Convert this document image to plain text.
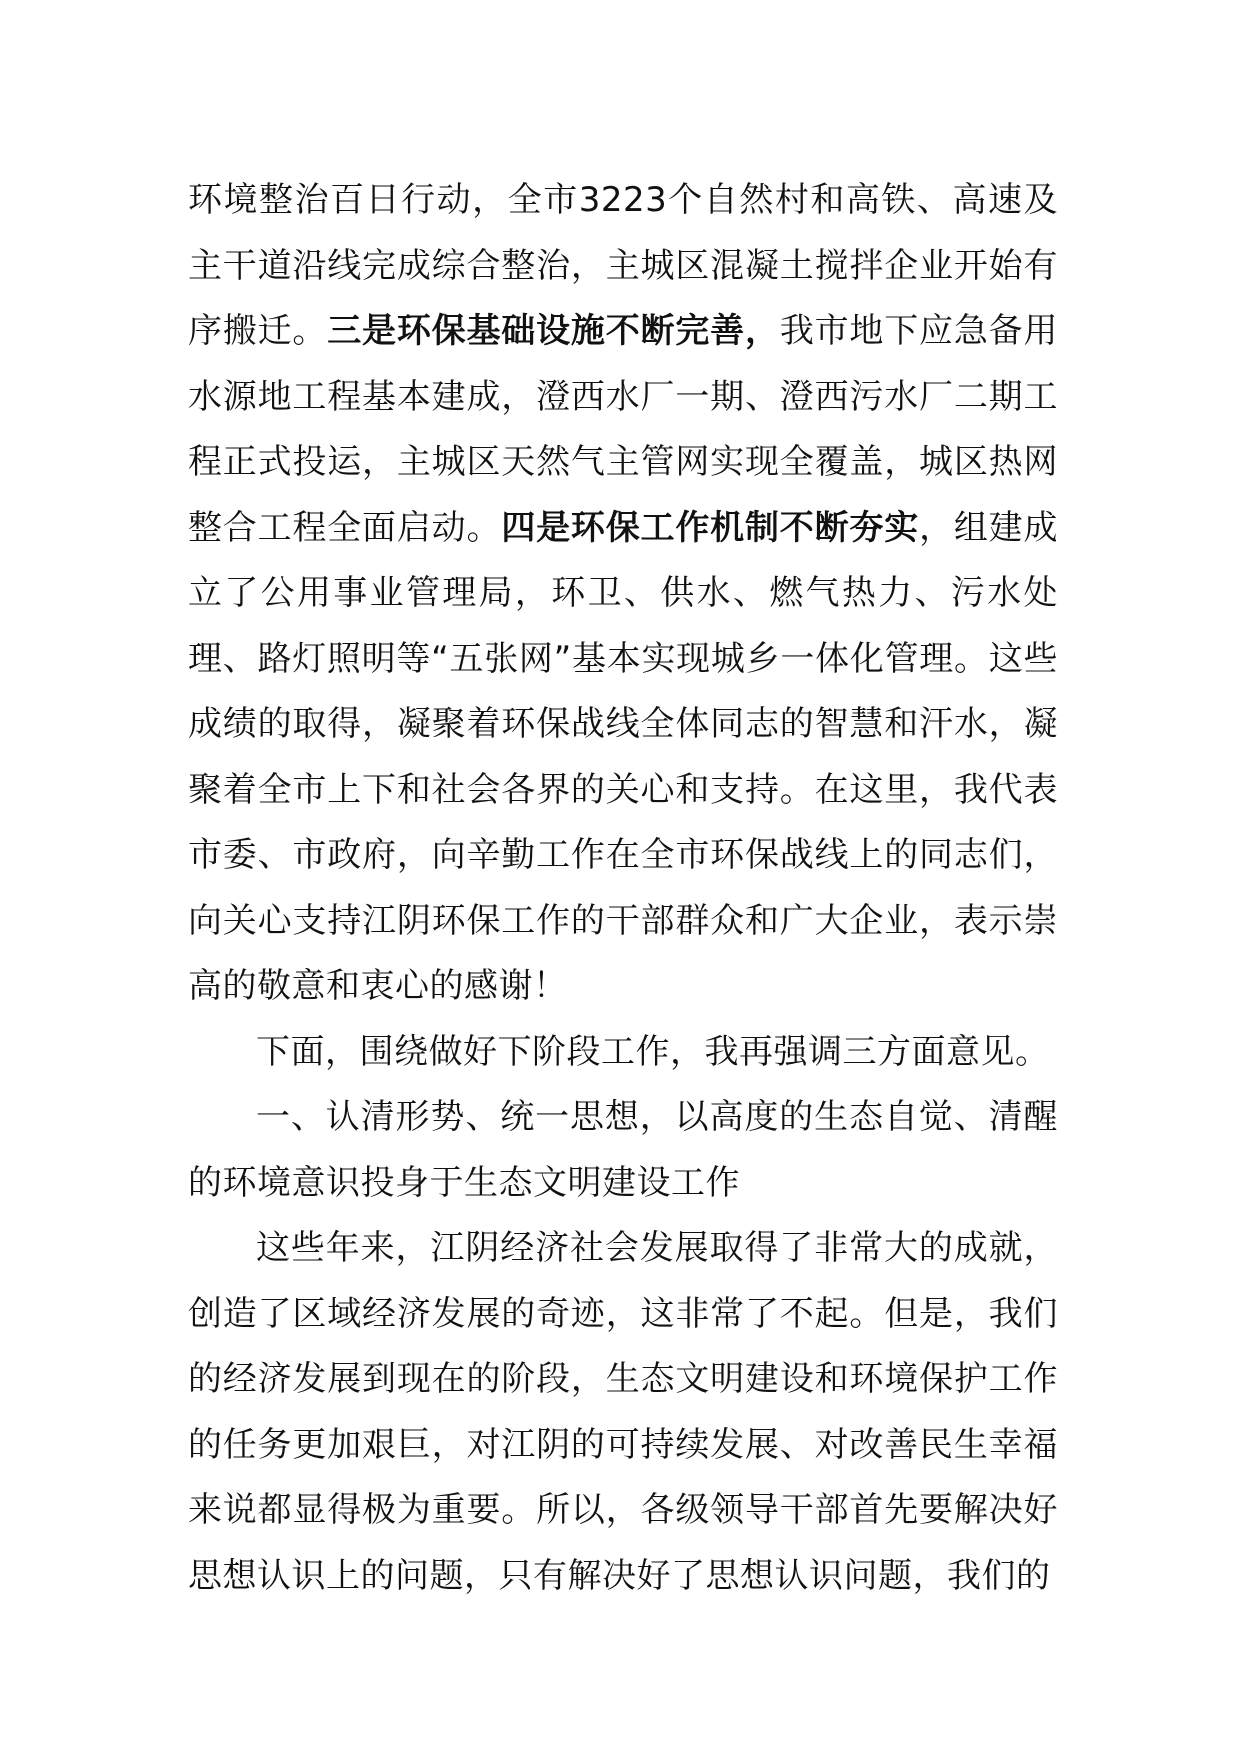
环境整治百日行动，全市3223个自然村和高铁、高速及主干道沿线完成综合整治，主城区混凝土搅拌企业开始有序搬迁。三是环保基础设施不断完善，我市地下应急备用水源地工程基本建成，澄西水厂一期、澄西污水厂二期工程正式投运，主城区天然气主管网实现全覆盖，城区热网整合工程全面启动。四是环保工作机制不断夯实，组建成立了公用事业管理局，环卫、供水、燃气热力、污水处理、路灯照明等“五张网”基本实现城乡一体化管理。这些成绩的取得，凝聚着环保战线全体同志的智慧和汗水，凝聚着全市上下和社会各界的关心和支持。在这里，我代表市委、市政府，向辛勤工作在全市环保战线上的同志们，向关心支持江阴环保工作的干部群众和广大企业，表示崇高的敬意和衷心的感谢！

下面，围绕做好下阶段工作，我再强调三方面意见。

一、认清形势、统一思想，以高度的生态自觉、清醒的环境意识投身于生态文明建设工作

这些年来，江阴经济社会发展取得了非常大的成就，创造了区域经济发展的奇迹，这非常了不起。但是，我们的经济发展到现在的阶段，生态文明建设和环境保护工作的任务更加艰巨，对江阴的可持续发展、对改善民生幸福来说都显得极为重要。所以，各级领导干部首先要解决好思想认识上的问题，只有解决好了思想认识问题，我们的
